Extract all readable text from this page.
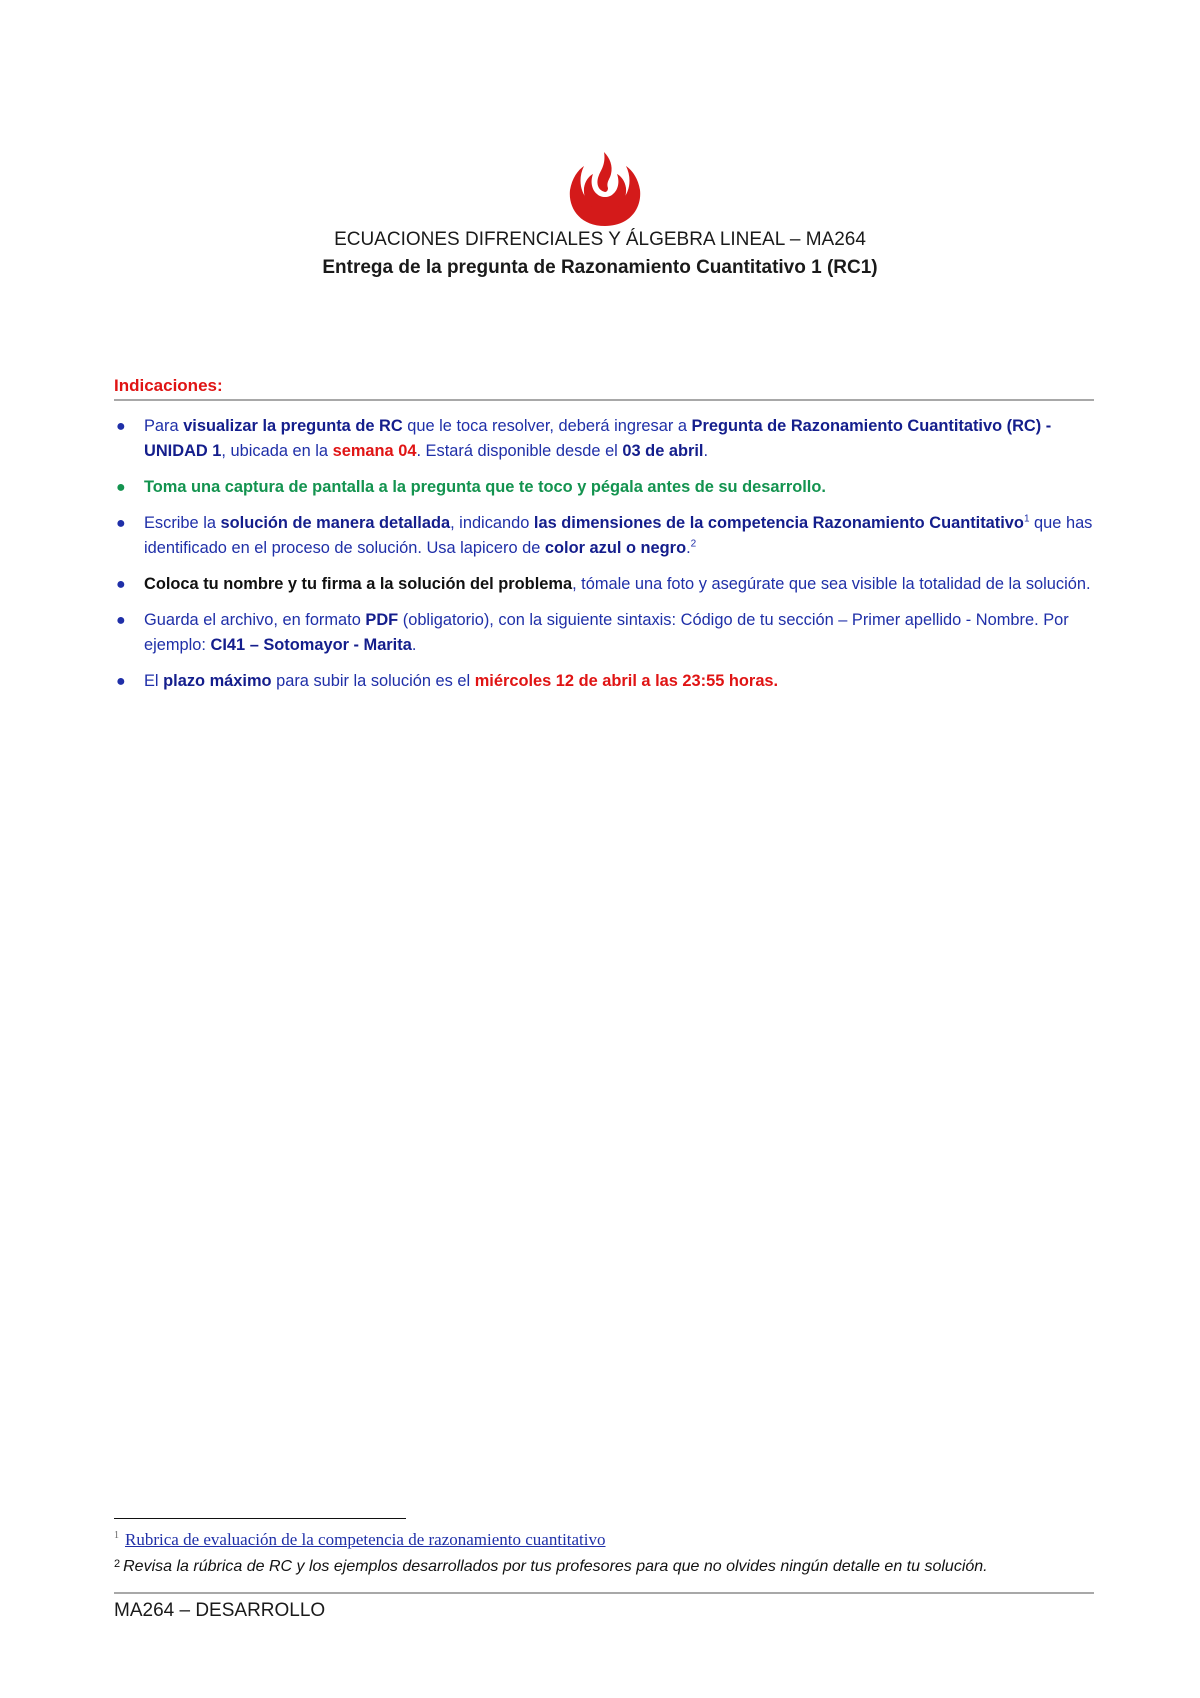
ECUACIONES DIFRENCIALES Y ÁLGEBRA LINEAL – MA264
Entrega de la pregunta de Razonamiento Cuantitativo 1 (RC1)
Indicaciones:
● Para visualizar la pregunta de RC que le toca resolver, deberá ingresar a Pregunta de Razonamiento Cuantitativo (RC) - UNIDAD 1, ubicada en la semana 04. Estará disponible desde el 03 de abril.
● Toma una captura de pantalla a la pregunta que te toco y pégala antes de su desarrollo.
● Escribe la solución de manera detallada, indicando las dimensiones de la competencia Razonamiento Cuantitativo$^1$ que has identificado en el proceso de solución. Usa lapicero de color azul o negro.$^2$
● Coloca tu nombre y tu firma a la solución del problema, tómale una foto y asegúrate que sea visible la totalidad de la solución.
● Guarda el archivo, en formato PDF (obligatorio), con la siguiente sintaxis: Código de tu sección – Primer apellido - Nombre. Por ejemplo: CI41 – Sotomayor - Marita.
● El plazo máximo para subir la solución es el miércoles 12 de abril a las 23:55 horas.
$^1$ Rubrica de evaluación de la competencia de razonamiento cuantitativo
$^2$ Revisa la rúbrica de RC y los ejemplos desarrollados por tus profesores para que no olvides ningún detalle en tu solución.
MA264 – DESARROLLO
